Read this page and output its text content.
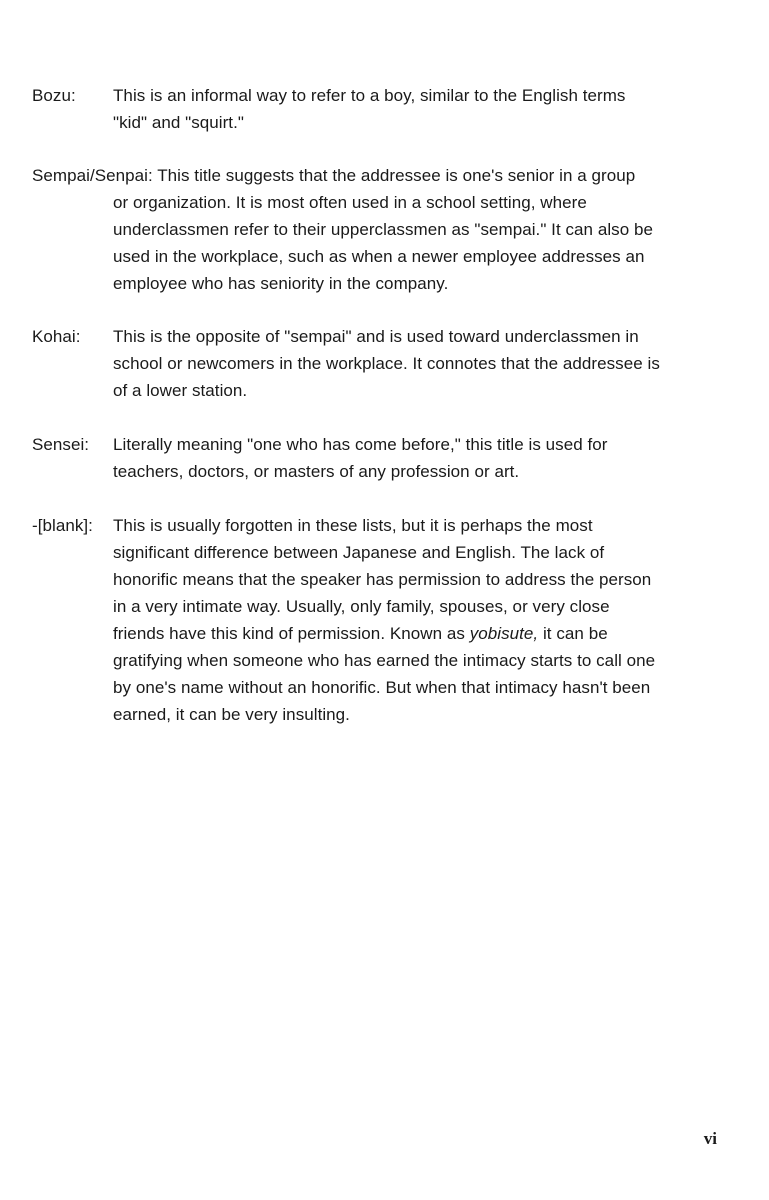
Bozu:	This is an informal way to refer to a boy, similar to the English terms
"kid" and "squirt."
Sempai/Senpai: This title suggests that the addressee is one's senior in a group
or organization. It is most often used in a school setting, where
underclassmen refer to their upperclassmen as "sempai." It can also be
used in the workplace, such as when a newer employee addresses an
employee who has seniority in the company.
Kohai:	This is the opposite of "sempai" and is used toward underclassmen in
school or newcomers in the workplace. It connotes that the addressee is
of a lower station.
Sensei:	Literally meaning "one who has come before," this title is used for
teachers, doctors, or masters of any profession or art.
-[blank]:	This is usually forgotten in these lists, but it is perhaps the most
significant difference between Japanese and English. The lack of
honorific means that the speaker has permission to address the person
in a very intimate way. Usually, only family, spouses, or very close
friends have this kind of permission. Known as yobisute, it can be
gratifying when someone who has earned the intimacy starts to call one
by one's name without an honorific. But when that intimacy hasn't been
earned, it can be very insulting.
vi
